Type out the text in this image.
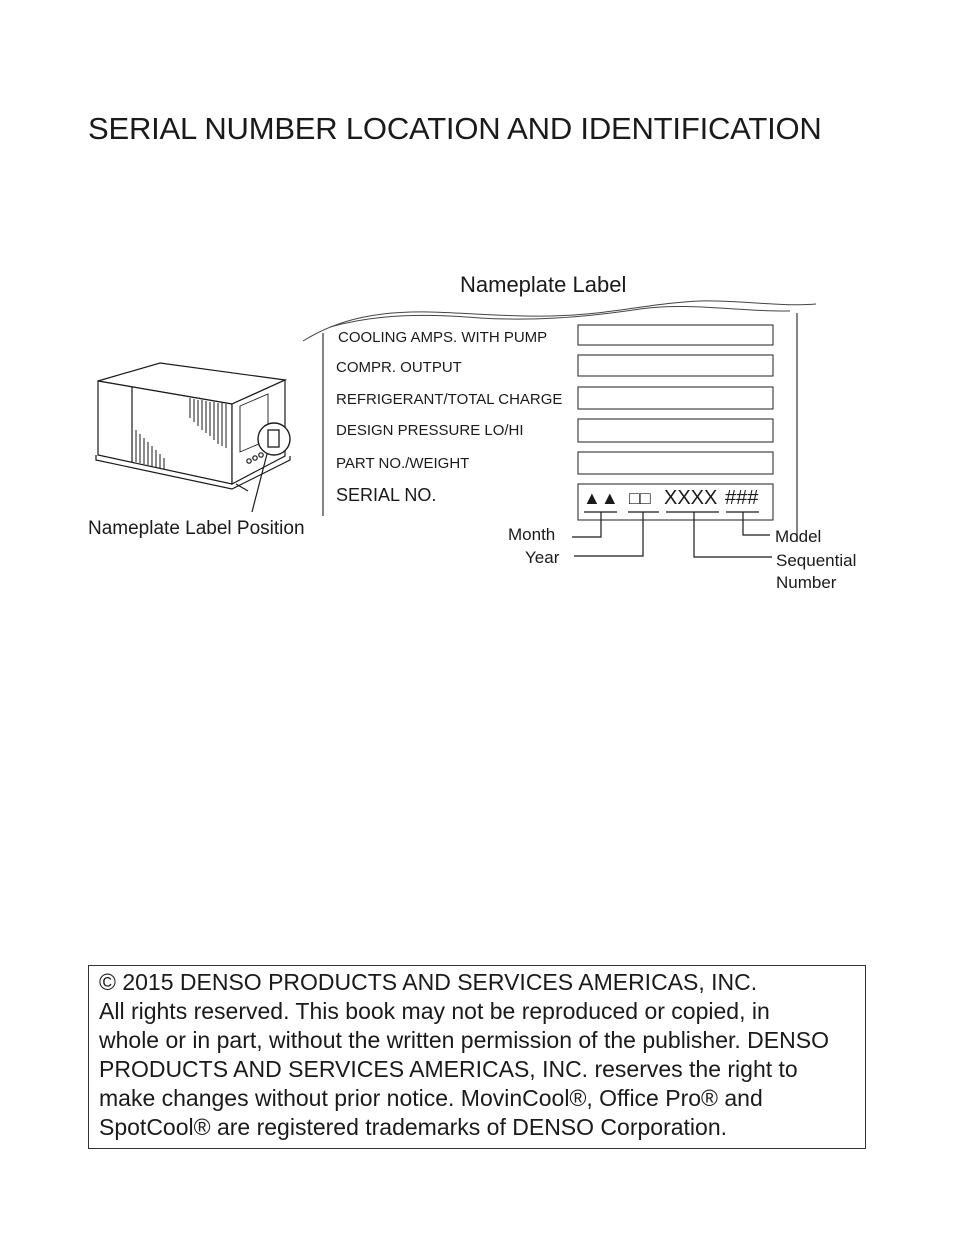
SERIAL NUMBER LOCATION AND IDENTIFICATION
Nameplate Label Position
Nameplate Label
COOLING AMPS. WITH PUMP
COMPR. OUTPUT
REFRIGERANT/TOTAL CHARGE
DESIGN PRESSURE LO/HI
PART NO./WEIGHT
SERIAL NO.	▲▲ □□ XXXX ###
Month
Year
Model
Sequential
Number
© 2015 DENSO PRODUCTS AND SERVICES AMERICAS, INC.
All rights reserved. This book may not be reproduced or copied, in
whole or in part, without the written permission of the publisher. DENSO
PRODUCTS AND SERVICES AMERICAS, INC. reserves the right to
make changes without prior notice. MovinCool®, Office Pro® and
SpotCool® are registered trademarks of DENSO Corporation.
